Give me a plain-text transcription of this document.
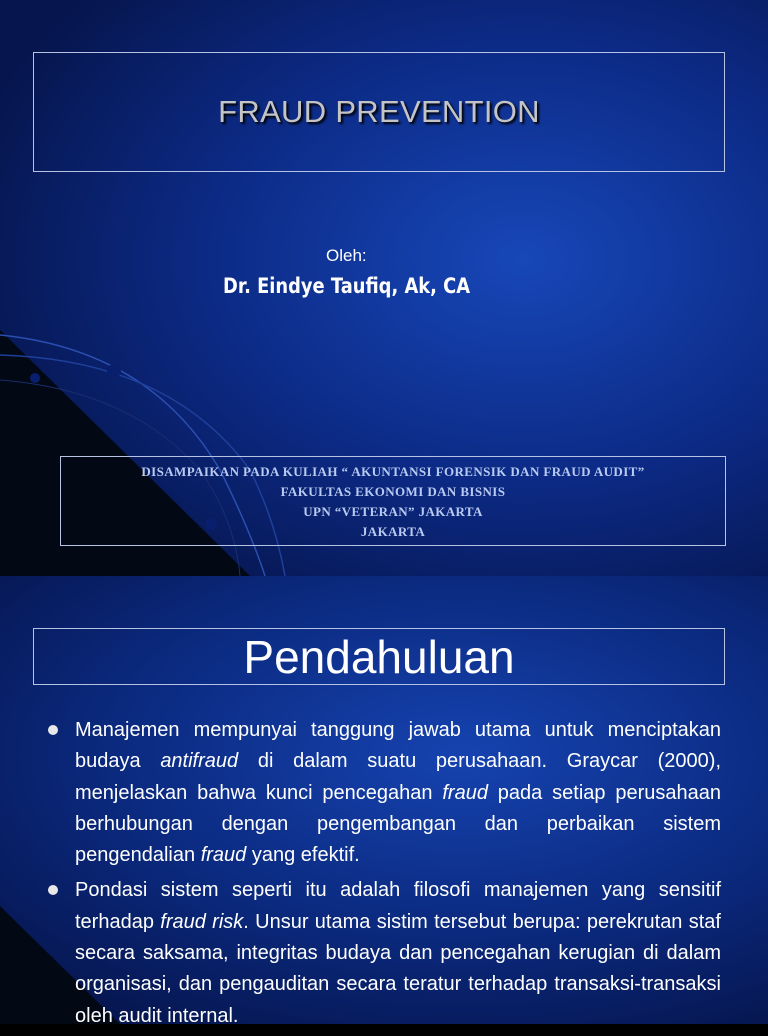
FRAUD PREVENTION
Oleh:
Dr. Eindye Taufiq, Ak, CA
DISAMPAIKAN PADA KULIAH “ AKUNTANSI FORENSIK DAN FRAUD AUDIT”
FAKULTAS EKONOMI DAN BISNIS
UPN “VETERAN” JAKARTA
JAKARTA
Pendahuluan
Manajemen mempunyai tanggung jawab utama untuk menciptakan budaya antifraud di dalam suatu perusahaan. Graycar (2000), menjelaskan bahwa kunci pencegahan fraud pada setiap perusahaan berhubungan dengan pengembangan dan perbaikan sistem pengendalian fraud yang efektif.
Pondasi sistem seperti itu adalah filosofi manajemen yang sensitif terhadap fraud risk. Unsur utama sistim tersebut berupa: perekrutan staf secara saksama, integritas budaya dan pencegahan kerugian di dalam organisasi, dan pengauditan secara teratur terhadap transaksi-transaksi oleh audit internal.
